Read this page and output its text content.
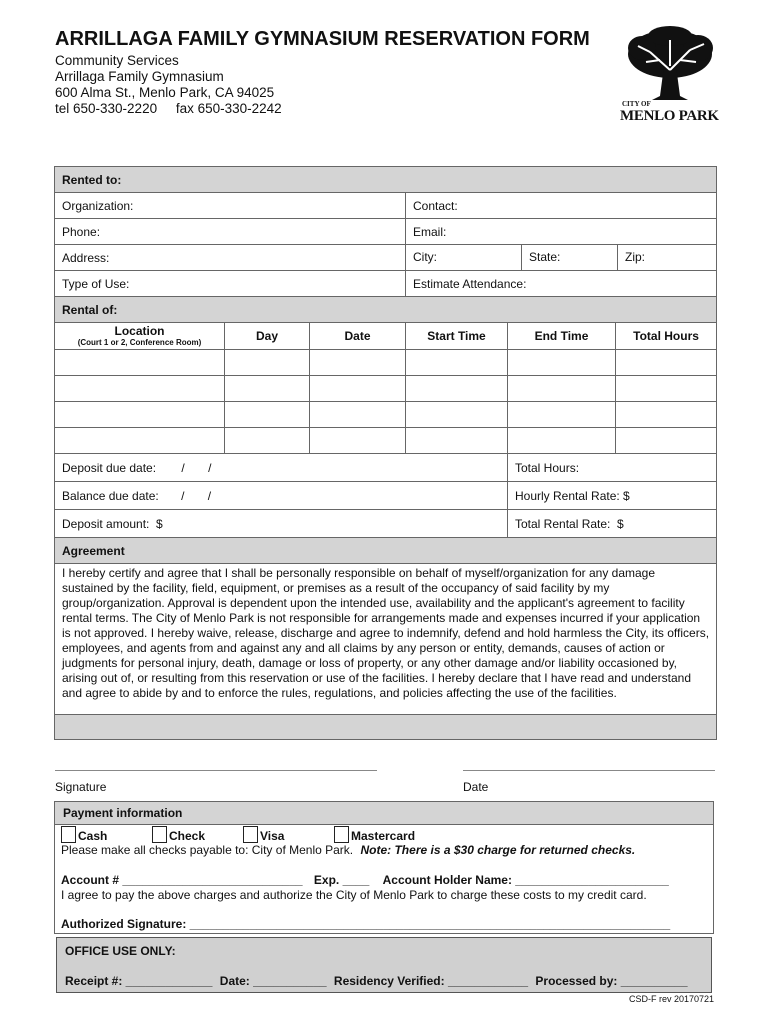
ARRILLAGA FAMILY GYMNASIUM RESERVATION FORM
Community Services
Arrillaga Family Gymnasium
600 Alma St., Menlo Park, CA 94025
tel 650-330-2220     fax 650-330-2242	CITY OF
MENLO PARK
Rented to:					
Organization:			Contact:		
Phone:			Email:		
Address:			City: State: Zip:		

Type of Use:			Estimate Attendance:		
Rental of:					

Location
(Court 1 or 2, Conference Room)	Day	Date	Start Time	End Time	Total Hours

Deposit due date: /       /				Total Hours:	
Balance due date: /       /				Hourly Rental Rate: $	
Deposit amount:  $				Total Rental Rate:  $	
Agreement					
I hereby certify and agree that I shall be personally responsible on behalf of myself/organization for any damage sustained by the facility, field, equipment, or premises as a result of the occupancy of said facility by my group/organization. Approval is dependent upon the intended use, availability and the applicant's agreement to facility rental terms. The City of Menlo Park is not responsible for arrangements made and expenses incurred if your application is not approved. I hereby waive, release, discharge and agree to indemnify, defend and hold harmless the City, its officers, employees, and agents from and against any and all claims by any person or entity, demands, causes of action or judgments for personal injury, death, damage or loss of property, or any other damage and/or liability occasioned by, arising out of, or resulting from this reservation or use of the facilities. I hereby declare that I have read and understand and agree to abide by and to enforce the rules, regulations, and policies affecting the use of the facilities.					

Signature	Date
Payment information
Cash	Check	Visa	Mastercard
Please make all checks payable to: City of Menlo Park. Note: There is a $30 charge for returned checks.
Account # ___________________________ Exp. ____ Account Holder Name: _______________________
I agree to pay the above charges and authorize the City of Menlo Park to charge these costs to my credit card.
Authorized Signature: ________________________________________________________________________
OFFICE USE ONLY:
Receipt #: _____________ Date: ___________ Residency Verified: ____________ Processed by: __________
CSD-F rev 20170721
